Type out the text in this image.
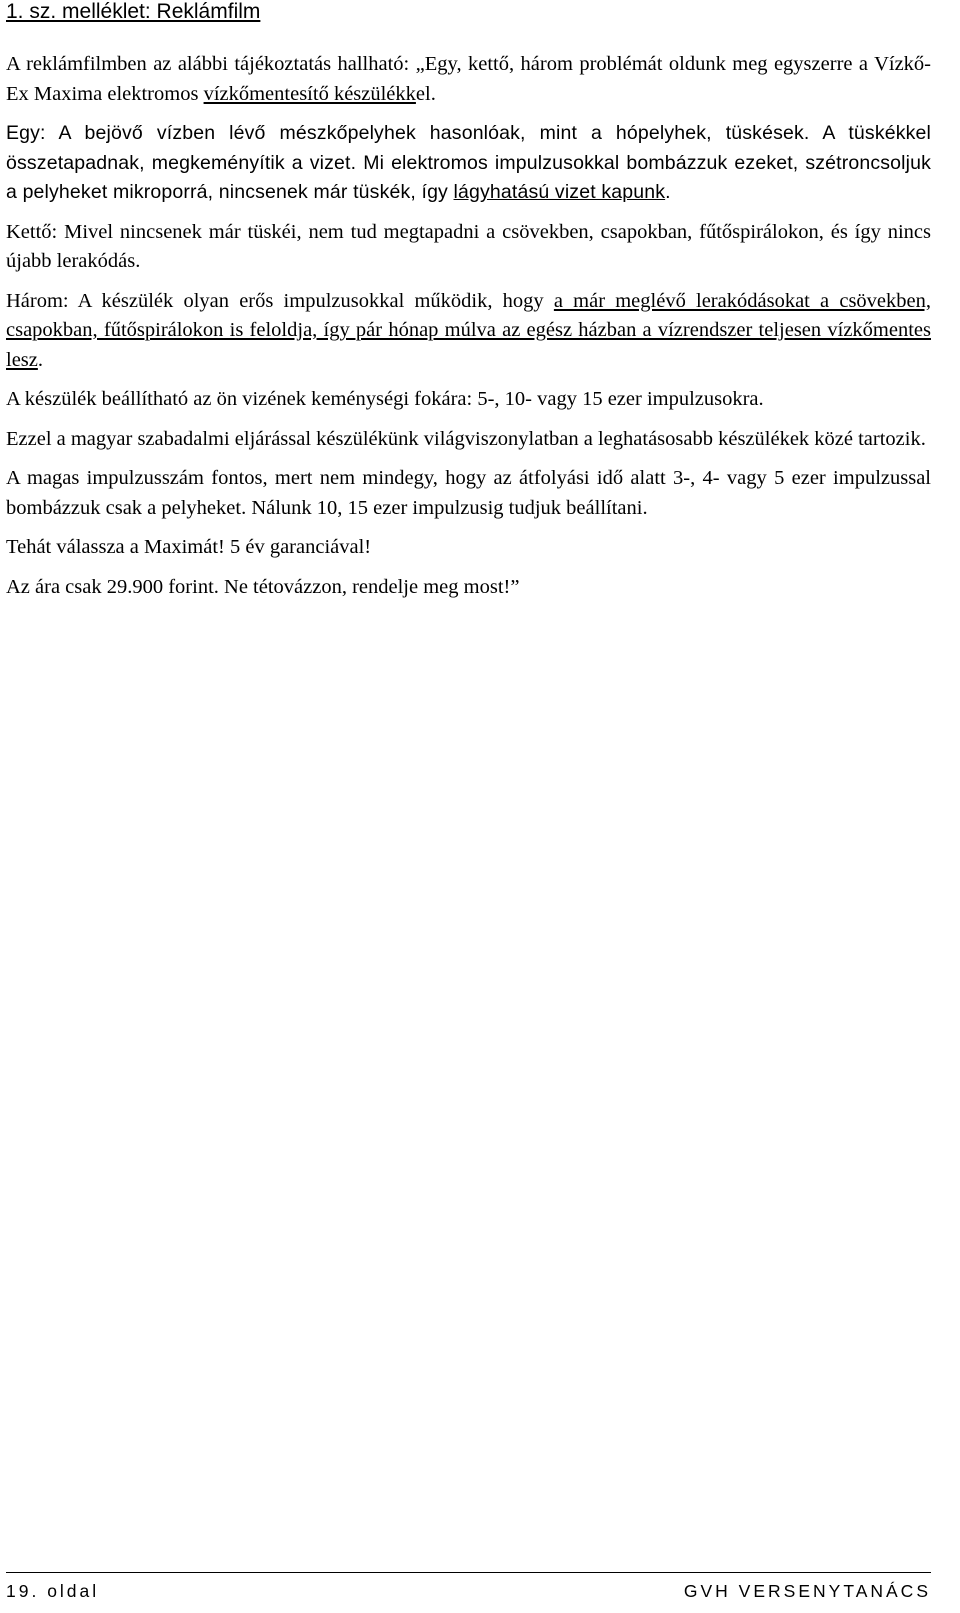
1. sz. melléklet: Reklámfilm

A reklámfilmben az alábbi tájékoztatás hallható: „Egy, kettő, három problémát oldunk meg egyszerre a Vízkő-Ex Maxima elektromos vízkőmentesítő készülékkel.

Egy: A bejövő vízben lévő mészkőpelyhek hasonlóak, mint a hópelyhek, tüskések. A tüskékkel összetapadnak, megkeményítik a vizet. Mi elektromos impulzusokkal bombázzuk ezeket, szétroncsoljuk a pelyheket mikroporrá, nincsenek már tüskék, így lágyhatású vizet kapunk.

Kettő: Mivel nincsenek már tüskéi, nem tud megtapadni a csövekben, csapokban, fűtőspirálokon, és így nincs újabb lerakódás.

Három: A készülék olyan erős impulzusokkal működik, hogy a már meglévő lerakódásokat a csövekben, csapokban, fűtőspirálokon is feloldja, így pár hónap múlva az egész házban a vízrendszer teljesen vízkőmentes lesz.

A készülék beállítható az ön vizének keménységi fokára: 5-, 10- vagy 15 ezer impulzusokra.

Ezzel a magyar szabadalmi eljárással készülékünk világviszonylatban a leghatásosabb készülékek közé tartozik.

A magas impulzusszám fontos, mert nem mindegy, hogy az átfolyási idő alatt 3-, 4- vagy 5 ezer impulzussal bombázzuk csak a pelyheket. Nálunk 10, 15 ezer impulzusig tudjuk beállítani.

Tehát válassza a Maximát! 5 év garanciával!

Az ára csak 29.900 forint. Ne tétovázzon, rendelje meg most!”

19. oldal	GVH VERSENYTANÁCS
